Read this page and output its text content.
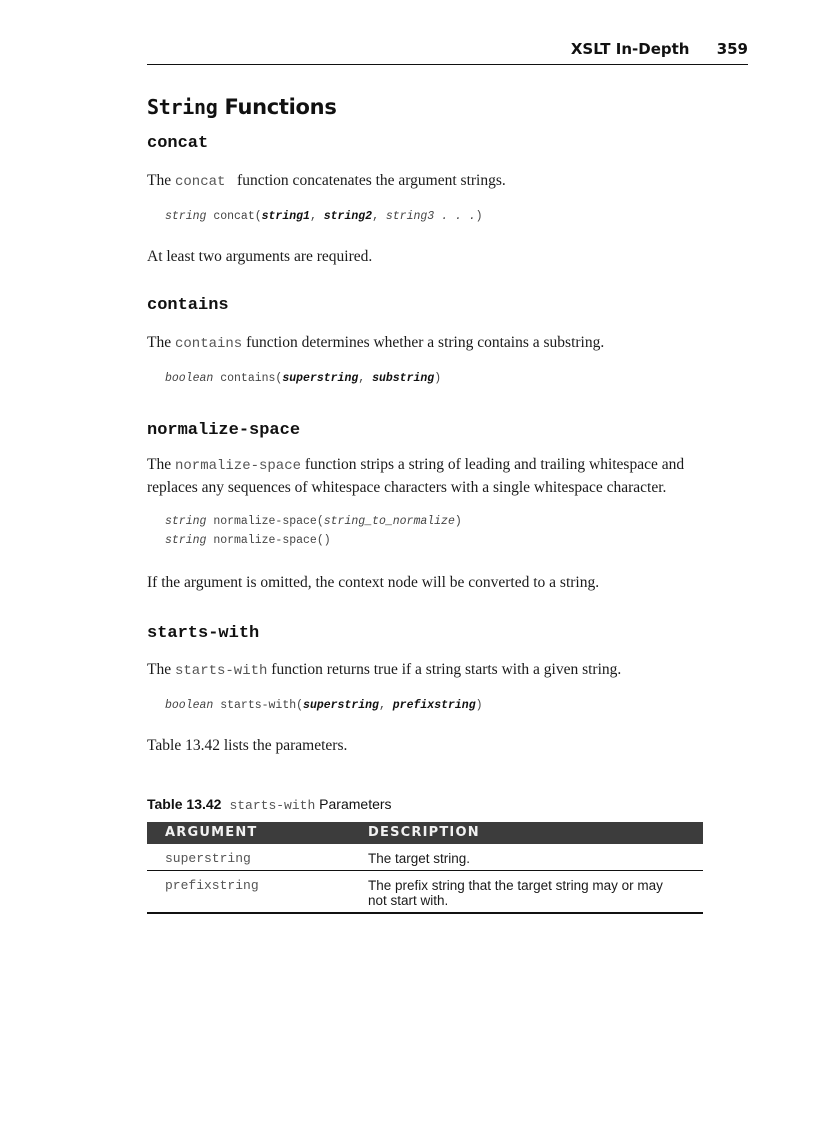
XSLT In-Depth 359
String Functions
concat

The concat   function concatenates the argument strings.

string concat(string1, string2, string3 . . .)

At least two arguments are required.

contains

The contains function determines whether a string contains a substring.

boolean contains(superstring, substring)
normalize-space

The normalize-space function strips a string of leading and trailing whitespace and replaces any sequences of whitespace characters with a single whitespace character.

string normalize-space(string_to_normalize)
string normalize-space()

If the argument is omitted, the context node will be converted to a string.

starts-with

The starts-with function returns true if a string starts with a given string.

boolean starts-with(superstring, prefixstring)

Table 13.42 lists the parameters.

Table 13.42 starts-with Parameters
ARGUMENT	DESCRIPTION
superstring	The target string.
prefixstring	The prefix string that the target string may or may not start with.
